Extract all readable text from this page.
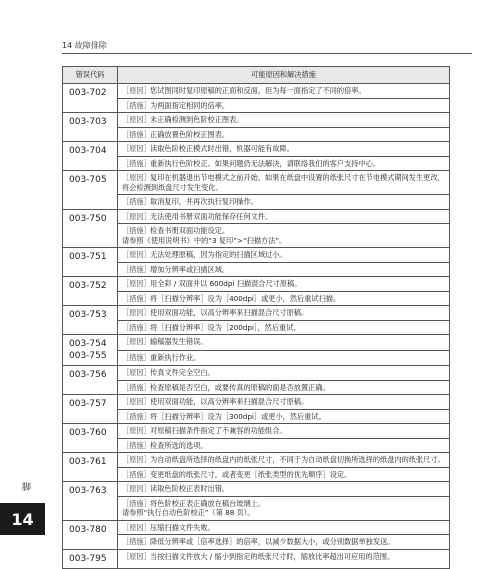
14 故障排除
错误代码	可能原因和解决措施
003-702	［原因］您试图同时复印原稿的正面和反面，但为每一面指定了不同的倍率。
	［措施］为两面指定相同的倍率。
003-703	［原因］未正确检测到色阶校正图表。
	［措施］正确放置色阶校正图表。
003-704	［原因］读取色阶校正模式时出错，机器可能有故障。
	［措施］重新执行色阶校正。如果问题仍无法解决，请联络我们的客户支持中心。
003-705	［原因］复印在机器退出节电模式之前开始。如果在纸盘中设置的纸张尺寸在节电模式期间发生更改，将会检测到纸盘尺寸发生变化。
	［措施］取消复印，并再次执行复印操作。
003-750	［原因］无法使用书册双面功能保存任何文件。
	［措施］检查书册双面功能设定。
请参照《使用说明书》中的“3 复印”>“扫描方法”。

003-751	［原因］无法处理原稿，因为指定的扫描区域过小。
	［措施］增加分辨率或扫描区域。
003-752	［原因］用全彩 / 双面并以 600dpi 扫描混合尺寸原稿。
	［措施］将［扫描分辨率］设为［400dpi］或更小，然后重试扫描。
003-753	［原因］使用双面功能，以高分辨率来扫描混合尺寸原稿。
	［措施］将［扫描分辨率］设为［200dpi］，然后重试。
003-754
003-755	［原因］输稿器发生错误。
	［措施］重新执行作业。
003-756	［原因］传真文件完全空白。
	［措施］检查原稿是否空白，或要传真的原稿的面是否放置正确。
003-757	［原因］使用双面功能，以高分辨率来扫描混合尺寸原稿。
	［措施］将［扫描分辨率］设为［300dpi］或更小，然后重试。
003-760	［原因］对原稿扫描条件指定了不兼容的功能组合。
	［措施］检查所选的选项。
003-761	［原因］为自动纸盘所选择的纸盘内的纸张尺寸，不同于为自动纸盘切换所选择的纸盘内的纸张尺寸。
	［措施］变更纸盘的纸张尺寸，或者变更［纸张类型的优先顺序］设定。
003-763	［原因］读取色阶校正表时出错。
	［措施］将色阶校正表正确放在稿台玻璃上。
请参照“执行自动色阶校正”（第 88 页）。

003-780	［原因］压缩扫描文件失败。
	［措施］降低分辨率或［倍率选择］的倍率，以减少数据大小，或分别数据单独发送。
003-795	［原因］当按扫描文件放大 / 缩小到指定的纸张尺寸时，缩放比率超出可应用的范围。
脚
14
